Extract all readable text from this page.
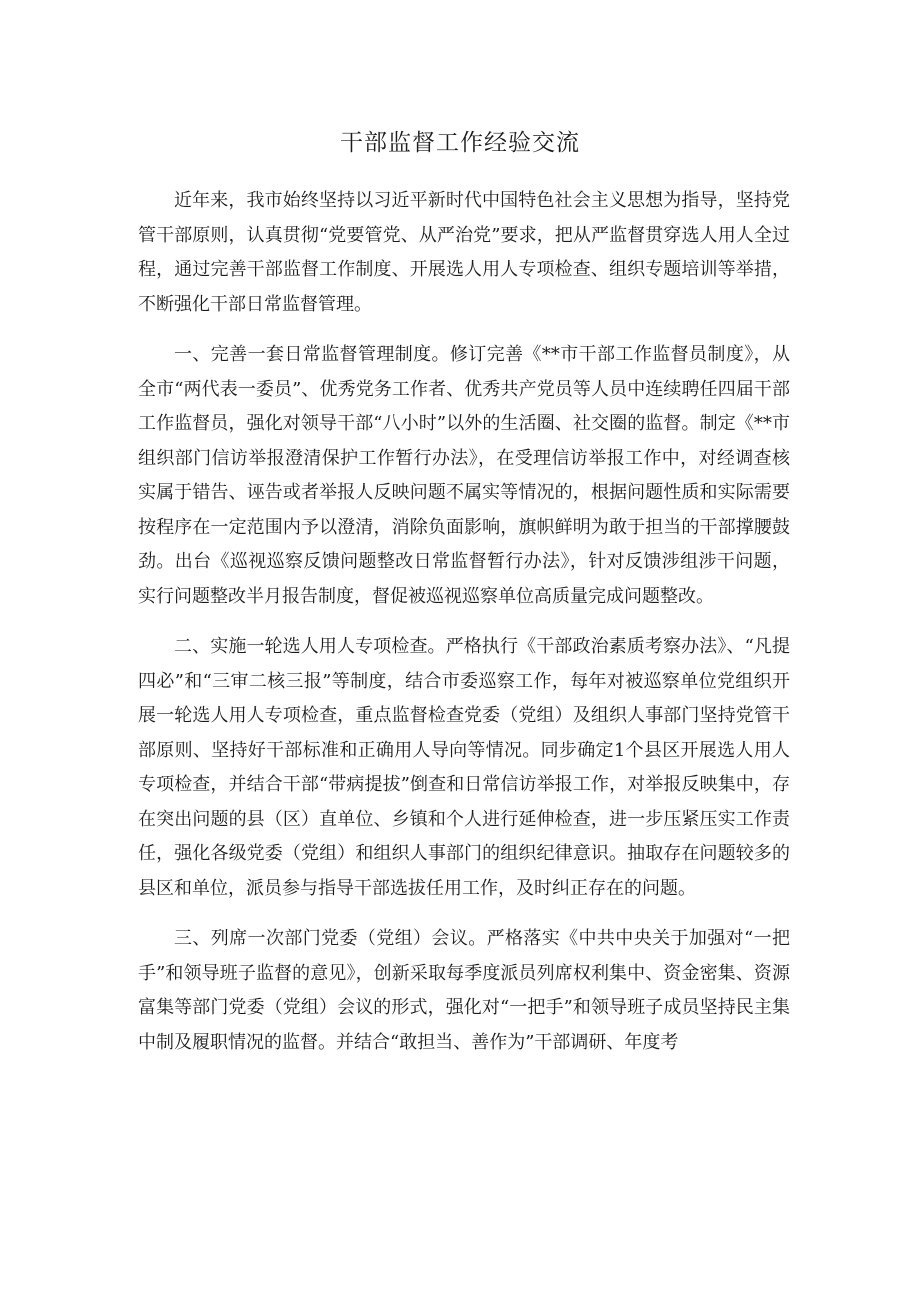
干部监督工作经验交流

近年来，我市始终坚持以习近平新时代中国特色社会主义思想为指导，坚持党管干部原则，认真贯彻“党要管党、从严治党”要求，把从严监督贯穿选人用人全过程，通过完善干部监督工作制度、开展选人用人专项检查、组织专题培训等举措，不断强化干部日常监督管理。

一、完善一套日常监督管理制度。修订完善《**市干部工作监督员制度》，从全市“两代表一委员”、优秀党务工作者、优秀共产党员等人员中连续聘任四届干部工作监督员，强化对领导干部“八小时”以外的生活圈、社交圈的监督。制定《**市组织部门信访举报澄清保护工作暂行办法》，在受理信访举报工作中，对经调查核实属于错告、诬告或者举报人反映问题不属实等情况的，根据问题性质和实际需要按程序在一定范围内予以澄清，消除负面影响，旗帜鲜明为敢于担当的干部撑腰鼓劲。出台《巡视巡察反馈问题整改日常监督暂行办法》，针对反馈涉组涉干问题，实行问题整改半月报告制度，督促被巡视巡察单位高质量完成问题整改。

二、实施一轮选人用人专项检查。严格执行《干部政治素质考察办法》、“凡提四必”和“三审二核三报”等制度，结合市委巡察工作，每年对被巡察单位党组织开展一轮选人用人专项检查，重点监督检查党委（党组）及组织人事部门坚持党管干部原则、坚持好干部标准和正确用人导向等情况。同步确定1个县区开展选人用人专项检查，并结合干部“带病提拔”倒查和日常信访举报工作，对举报反映集中，存在突出问题的县（区）直单位、乡镇和个人进行延伸检查，进一步压紧压实工作责任，强化各级党委（党组）和组织人事部门的组织纪律意识。抽取存在问题较多的县区和单位，派员参与指导干部选拔任用工作，及时纠正存在的问题。

三、列席一次部门党委（党组）会议。严格落实《中共中央关于加强对“一把手”和领导班子监督的意见》，创新采取每季度派员列席权利集中、资金密集、资源富集等部门党委（党组）会议的形式，强化对“一把手”和领导班子成员坚持民主集中制及履职情况的监督。并结合“敢担当、善作为”干部调研、年度考
